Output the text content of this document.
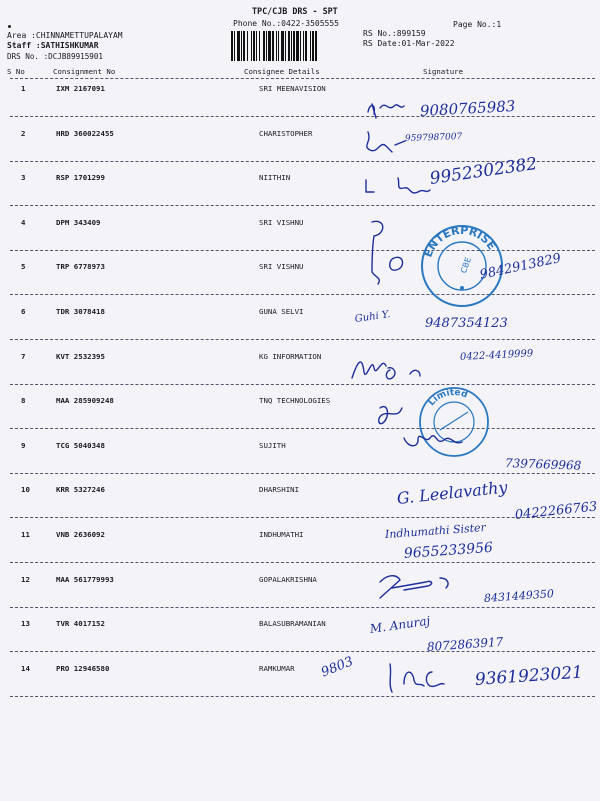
TPC/CJB DRS - SPT
Phone No.:0422-3505555	Page No.:1
RS No.:899159
RS Date:01-Mar-2022
Area :CHINNAMETTUPALAYAM
Staff :SATHISHKUMAR
DRS No. :DCJB89915901
S No	Consignment No	Consignee Details	Signature
1	IXM 2167091	SRI MEENAVISION
2	HRD 360022455	CHARISTOPHER
3	RSP 1701299	NIITHIN
4	DPM 343409	SRI VISHNU
5	TRP 6778973	SRI VISHNU
6	TDR 3078418	GUNA SELVI
7	KVT 2532395	KG INFORMATION
8	MAA 285909248	TNQ TECHNOLOGIES
9	TCG 5040348	SUJITH
10	KRR 5327246	DHARSHINI
11	VNB 2636092	INDHUMATHI
12	MAA 561779993	GOPALAKRISHNA
13	TVR 4017152	BALASUBRAMANIAN
14	PRO 12946580	RAMKUMAR
ENTERPRISE
CBE
Limited
9080765983
9597987007
9952302382
9842913829
Guhi Y.	9487354123
0422-4419999
7397669968
G. Leelavathy
0422266763
Indhumathi Sister
9655233956
8431449350
M. Anuraj
8072863917
9803	9361923021
